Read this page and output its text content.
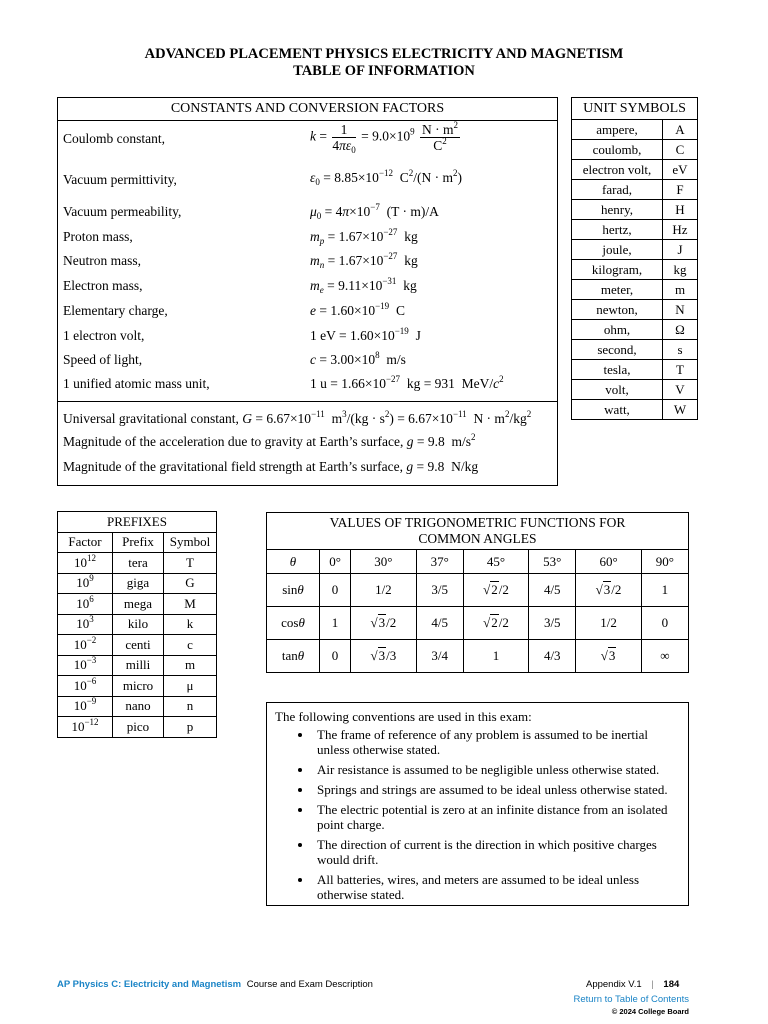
ADVANCED PLACEMENT PHYSICS ELECTRICITY AND MAGNETISM
TABLE OF INFORMATION
CONSTANTS AND CONVERSION FACTORS
Coulomb constant,	$k = \frac{1}{4\pi\varepsilon_0} = 9.0\times 10^9 \frac{N \cdot m^2}{C^2}$
Vacuum permittivity,	$\varepsilon_0 = 8.85\times 10^{-12}$  $C^2/(N \cdot m^2)$
Vacuum permeability,	$\mu_0 = 4\pi\times 10^{-7}$  (T · m)/A
Proton mass,	$m_p = 1.67\times 10^{-27}$  kg
Neutron mass,	$m_n = 1.67\times 10^{-27}$  kg
Electron mass,	$m_e = 9.11\times 10^{-31}$  kg
Elementary charge,	$e = 1.60\times 10^{-19}$  C
1 electron volt,	1 eV = $1.60\times 10^{-19}$  J
Speed of light,	$c = 3.00\times 10^8$  m/s
1 unified atomic mass unit,	1 $u = 1.66\times 10^{-27}$  kg = 931  MeV/$c^2$
Universal gravitational constant, $G = 6.67\times 10^{-11}$  $m^3/(kg \cdot s^2) = 6.67\times 10^{-11}$  $N \cdot m^2/kg^2$
Magnitude of the acceleration due to gravity at Earth’s surface, g = 9.8  $m/s^2$
Magnitude of the gravitational field strength at Earth’s surface, g = 9.8  N/kg
UNIT SYMBOLS	
ampere,	A
coulomb,	C
electron volt,	eV
farad,	F
henry,	H
hertz,	Hz
joule,	J
kilogram,	kg
meter,	m
newton,	N
ohm,	Ω
second,	s
tesla,	T
volt,	V
watt,	W
PREFIXES		
Factor	Prefix	Symbol
$10^{12}$	tera	T
$10^9$	giga	G
$10^6$	mega	M
$10^3$	kilo	k
$10^{-2}$	centi	c
$10^{-3}$	milli	m
$10^{-6}$	micro	μ
$10^{-9}$	nano	n
$10^{-12}$	pico	p
VALUES OF TRIGONOMETRIC FUNCTIONS FOR
COMMON ANGLES							
θ	0°	30°	37°	45°	53°	60°	90°
sinθ	0	1/2	3/5	√2/2	4/5	√3/2	1
cosθ	1	√3/2	4/5	√2/2	3/5	1/2	0
tanθ	0	√3/3	3/4	1	4/3	√3	∞
The following conventions are used in this exam:
• The frame of reference of any problem is assumed to be inertial unless otherwise stated.
• Air resistance is assumed to be negligible unless otherwise stated.
• Springs and strings are assumed to be ideal unless otherwise stated.
• The electric potential is zero at an infinite distance from an isolated point charge.
• The direction of current is the direction in which positive charges would drift.
• All batteries, wires, and meters are assumed to be ideal unless otherwise stated.
AP Physics C: Electricity and Magnetism Course and Exam Description	Appendix V.1 | 184
Return to Table of Contents
© 2024 College Board
